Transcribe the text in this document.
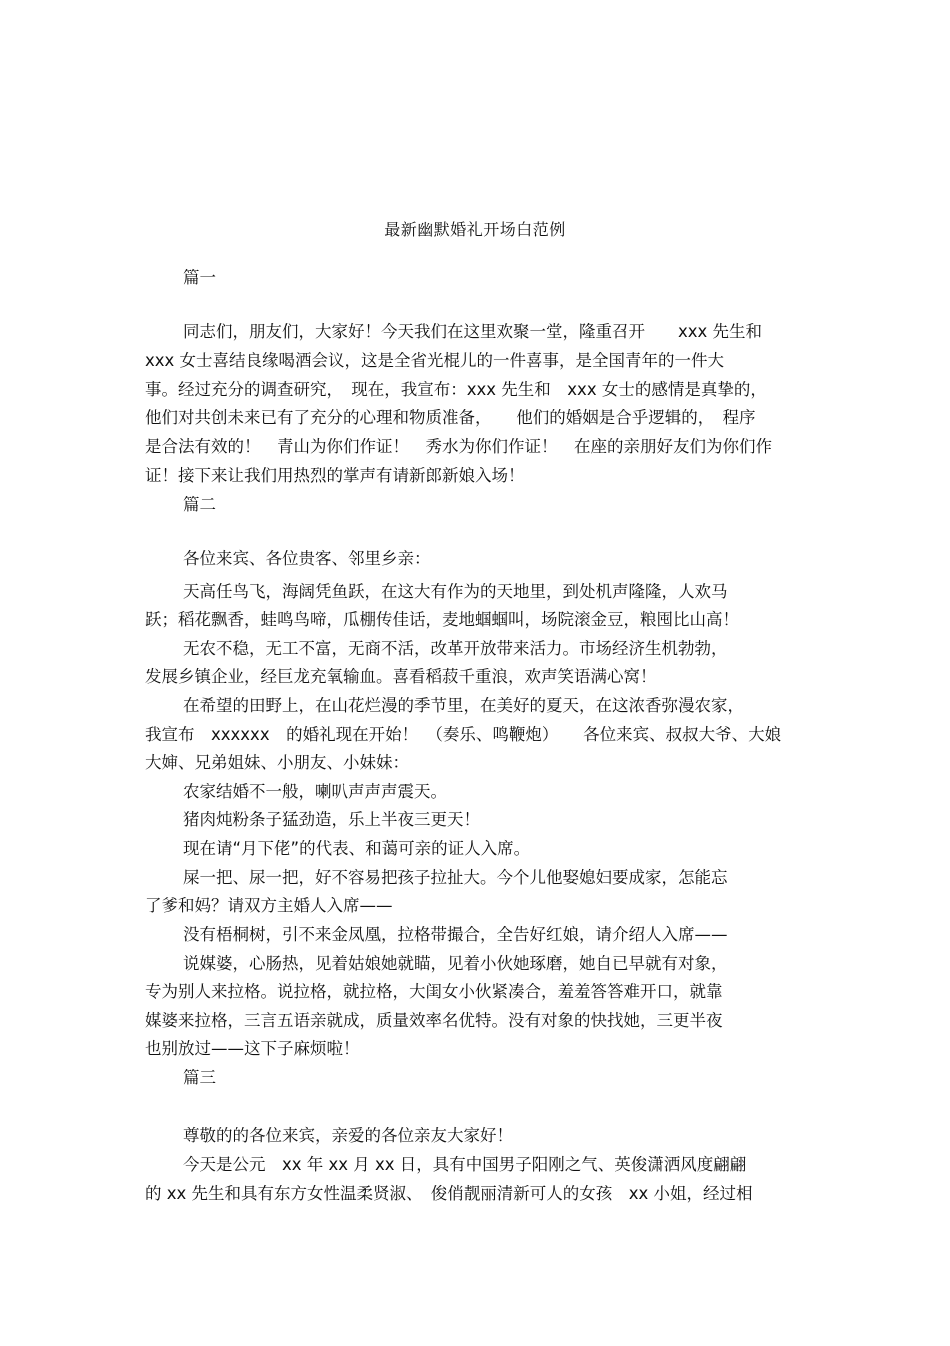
最新幽默婚礼开场白范例
篇一
同志们，朋友们，大家好！今天我们在这里欢聚一堂，隆重召开　　xxx 先生和
xxx 女士喜结良缘喝酒会议，这是全省光棍儿的一件喜事，是全国青年的一件大
事。经过充分的调查研究，　现在，我宣布：xxx 先生和　xxx 女士的感情是真挚的，
他们对共创未来已有了充分的心理和物质准备，　　他们的婚姻是合乎逻辑的，　程序
是合法有效的！　青山为你们作证！　秀水为你们作证！　在座的亲朋好友们为你们作
证！接下来让我们用热烈的掌声有请新郎新娘入场！
篇二
各位来宾、各位贵客、邻里乡亲：
天高任鸟飞，海阔凭鱼跃，在这大有作为的天地里，到处机声隆隆，人欢马
跃；稻花飘香，蛙鸣鸟啼，瓜棚传佳话，麦地蝈蝈叫，场院滚金豆，粮囤比山高！
无农不稳，无工不富，无商不活，改革开放带来活力。市场经济生机勃勃，
发展乡镇企业，经巨龙充氧输血。喜看稻菽千重浪，欢声笑语满心窝！
在希望的田野上，在山花烂漫的季节里，在美好的夏天，在这浓香弥漫农家，
我宣布　xxxxxx　的婚礼现在开始！　（奏乐、鸣鞭炮）　　各位来宾、叔叔大爷、大娘
大婶、兄弟姐妹、小朋友、小妹妹：
农家结婚不一般，喇叭声声声震天。
猪肉炖粉条子猛劲造，乐上半夜三更天！
现在请“月下佬”的代表、和蔼可亲的证人入席。
屎一把、尿一把，好不容易把孩子拉扯大。今个儿他娶媳妇要成家，怎能忘
了爹和妈？请双方主婚人入席——
没有梧桐树，引不来金凤凰，拉格带撮合，全告好红娘，请介绍人入席——
说媒婆，心肠热，见着姑娘她就瞄，见着小伙她琢磨，她自已早就有对象，
专为别人来拉格。说拉格，就拉格，大闺女小伙紧凑合，羞羞答答难开口，就靠
媒婆来拉格，三言五语亲就成，质量效率名优特。没有对象的快找她，三更半夜
也别放过——这下子麻烦啦！
篇三
尊敬的的各位来宾，亲爱的各位亲友大家好！
今天是公元　xx 年 xx 月 xx 日，具有中国男子阳刚之气、英俊潇洒风度翩翩
的 xx 先生和具有东方女性温柔贤淑、　俊俏靓丽清新可人的女孩　xx 小姐，经过相
